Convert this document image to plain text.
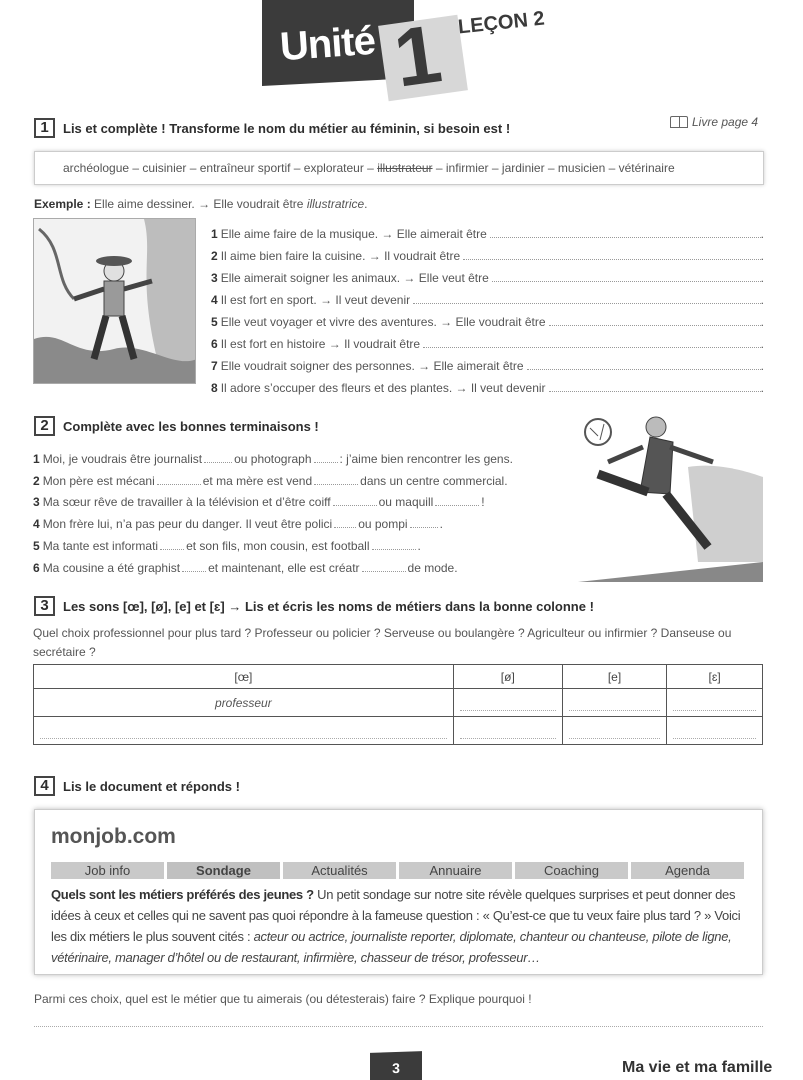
Unité 1 LEÇON 2
1	Lis et complète ! Transforme le nom du métier au féminin, si besoin est !	Livre page 4
archéologue – cuisinier – entraîneur sportif – explorateur – illustrateur – infirmier – jardinier – musicien – vétérinaire
Exemple : Elle aime dessiner. → Elle voudrait être illustratrice.
1 Elle aime faire de la musique. → Elle aimerait être	.
2 Il aime bien faire la cuisine. → Il voudrait être	.
3 Elle aimerait soigner les animaux. → Elle veut être	.
4 Il est fort en sport. → Il veut devenir	.
5 Elle veut voyager et vivre des aventures. → Elle voudrait être	.
6 Il est fort en histoire → Il voudrait être	.
7 Elle voudrait soigner des personnes. → Elle aimerait être	.
8 Il adore s’occuper des fleurs et des plantes. → Il veut devenir	.
2	Complète avec les bonnes terminaisons !
1 Moi, je voudrais être journalist	ou photograph : j’aime bien rencontrer les gens.
2 Mon père est mécani	et ma mère est vend	dans un centre commercial.
3 Ma sœur rêve de travailler à la télévision et d’être coiff	ou maquill	!
4 Mon frère lui, n’a pas peur du danger. Il veut être polici ou pompi	.
5 Ma tante est informati et son fils, mon cousin, est football	.
6 Ma cousine a été graphist et maintenant, elle est créatr	de mode.
3	Les sons [œ], [ø], [e] et [ɛ] → Lis et écris les noms de métiers dans la bonne colonne !
Quel choix professionnel pour plus tard ? Professeur ou policier ? Serveuse ou boulangère ? Agriculteur ou infirmier ? Danseuse ou secrétaire ?
[œ]	[ø]	[e]	[ɛ]
professeur	

4	Lis le document et réponds !
monjob.com
Job info	Sondage	Actualités	Annuaire	Coaching	Agenda
Quels sont les métiers préférés des jeunes ? Un petit sondage sur notre site révèle quelques surprises et peut donner des idées à ceux et celles qui ne savent pas quoi répondre à la fameuse question : « Qu’est-ce que tu veux faire plus tard ? » Voici les dix métiers le plus souvent cités : acteur ou actrice, journaliste reporter, diplomate, chanteur ou chanteuse, pilote de ligne, vétérinaire, manager d’hôtel ou de restaurant, infirmière, chasseur de trésor, professeur…
Parmi ces choix, quel est le métier que tu aimerais (ou détesterais) faire ? Explique pourquoi !
3	Ma vie et ma famille
